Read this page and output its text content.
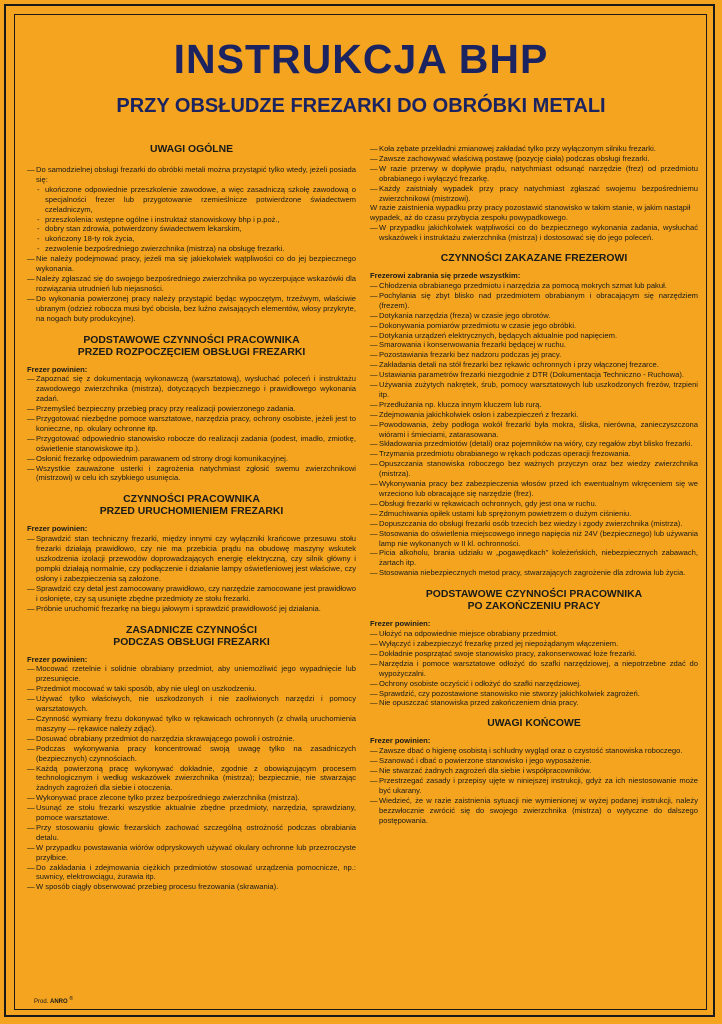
INSTRUKCJA BHP
PRZY OBSŁUDZE FREZARKI DO OBRÓBKI METALI
UWAGI OGÓLNE
— Do samodzielnej obsługi frezarki do obróbki metali można przystąpić tylko wtedy, jeżeli posiada się:
- ukończone odpowiednie przeszkolenie zawodowe, a więc zasadniczą szkołę zawodową o specjalności frezer lub przygotowanie rzemieślnicze potwierdzone świadectwem czeladniczym,
- przeszkolenia: wstępne ogólne i instruktaż stanowiskowy bhp i p.poż.,
- dobry stan zdrowia, potwierdzony świadectwem lekarskim,
- ukończony 18-ty rok życia,
- zezwolenie bezpośredniego zwierzchnika (mistrza) na obsługę frezarki.
— Nie należy podejmować pracy, jeżeli ma się jakiekolwiek wątpliwości co do jej bezpiecznego wykonania.
— Należy zgłaszać się do swojego bezpośredniego zwierzchnika po wyczerpujące wskazówki dla rozwiązania utrudnień lub niejasności.
— Do wykonania powierzonej pracy należy przystąpić będąc wypoczętym, trzeźwym, właściwie ubranym (odzież robocza musi być obcisła, bez luźno zwisających elementów, włosy przykryte, na nogach buty produkcyjne).
PODSTAWOWE CZYNNOŚCI PRACOWNIKA
PRZED ROZPOCZĘCIEM OBSŁUGI FREZARKI

Frezer powinien:

— Zapoznać się z dokumentacją wykonawczą (warsztatową), wysłuchać poleceń i instruktażu zawodowego zwierzchnika (mistrza), dotyczących bezpiecznego i prawidłowego wykonania zadań.
— Przemyśleć bezpieczny przebieg pracy przy realizacji powierzonego zadania.
— Przygotować niezbędne pomoce warsztatowe, narzędzia pracy, ochrony osobiste, jeżeli jest to konieczne, np. okulary ochronne itp.
— Przygotować odpowiednio stanowisko robocze do realizacji zadania (podest, imadło, zmiotkę, oświetlenie stanowiskowe itp.).
— Osłonić frezarkę odpowiednim parawanem od strony drogi komunikacyjnej.
— Wszystkie zauważone usterki i zagrożenia natychmiast zgłosić swemu zwierzchnikowi (mistrzowi) w celu ich szybkiego usunięcia.
CZYNNOŚCI PRACOWNIKA
PRZED URUCHOMIENIEM FREZARKI

Frezer powinien:

— Sprawdzić stan techniczny frezarki, między innymi czy wyłączniki krańcowe przesuwu stołu frezarki działają prawidłowo, czy nie ma przebicia prądu na obudowę maszyny wskutek uszkodzenia izolacji przewodów doprowadzających energię elektryczną, czy silnik główny i pompki działają normalnie, czy podłączenie i działanie lampy oświetleniowej jest właściwe, czy osłony i zabezpieczenia są założone.
— Sprawdzić czy detal jest zamocowany prawidłowo, czy narzędzie zamocowane jest prawidłowo i osłonięte, czy są usunięte zbędne przedmioty ze stołu frezarki.
— Próbnie uruchomić frezarkę na biegu jałowym i sprawdzić prawidłowość jej działania.
ZASADNICZE CZYNNOŚCI
PODCZAS OBSŁUGI FREZARKI

Frezer powinien:

— Mocować rzetelnie i solidnie obrabiany przedmiot, aby uniemożliwić jego wypadnięcie lub przesunięcie.
— Przedmiot mocować w taki sposób, aby nie ulegl on uszkodzeniu.
— Używać tylko właściwych, nie uszkodzonych i nie zaoliwionych narzędzi i pomocy warsztatowych.
— Czynność wymiany frezu dokonywać tylko w rękawicach ochronnych (z chwilą uruchomienia maszyny — rękawice należy zdjąć).
— Dosuwać obrabiany przedmiot do narzędzia skrawającego powoli i ostrożnie.
— Podczas wykonywania pracy koncentrować swoją uwagę tylko na zasadniczych (bezpiecznych) czynnościach.
— Każdą powierzoną pracę wykonywać dokładnie, zgodnie z obowiązującym procesem technologicznym i według wskazówek zwierzchnika (mistrza); bezpiecznie, nie stwarzając żadnych zagrożeń dla siebie i otoczenia.
— Wykonywać prace zlecone tylko przez bezpośredniego zwierzchnika (mistrza).
— Usunąć ze stołu frezarki wszystkie aktualnie zbędne przedmioty, narzędzia, sprawdziany, pomoce warsztatowe.
— Przy stosowaniu głowic frezarskich zachować szczególną ostrożność podczas obrabiania detalu.
— W przypadku powstawania wiórów odpryskowych używać okulary ochronne lub przezroczyste przyłbice.
— Do zakładania i zdejmowania ciężkich przedmiotów stosować urządzenia pomocnicze, np.: suwnicy, elektrowciągu, żurawia itp.
— W sposób ciągły obserwować przebieg procesu frezowania (skrawania).
— Koła zębate przekładni zmianowej zakładać tylko przy wyłączonym silniku frezarki.
— Zawsze zachowywać właściwą postawę (pozycję ciała) podczas obsługi frezarki.
— W razie przerwy w dopływie prądu, natychmiast odsunąć narzędzie (frez) od przedmiotu obrabianego i wyłączyć frezarkę.
— Każdy zaistniały wypadek przy pracy natychmiast zgłaszać swojemu bezpośredniemu zwierzchnikowi (mistrzowi).

W razie zaistnienia wypadku przy pracy pozostawić stanowisko w takim stanie, w jakim nastąpił wypadek, aż do czasu przybycia zespołu powypadkowego.

— W przypadku jakichkolwiek wątpliwości co do bezpiecznego wykonania zadania, wysłuchać wskazówek i instruktażu zwierzchnika (mistrza) i dostosować się do jego poleceń.
CZYNNOŚCI ZAKAZANE FREZEROWI

Frezerowi zabrania się przede wszystkim:

— Chłodzenia obrabianego przedmiotu i narzędzia za pomocą mokrych szmat lub pakuł.
— Pochylania się zbyt blisko nad przedmiotem obrabianym i obracającym się narzędziem (frezem).
— Dotykania narzędzia (freza) w czasie jego obrotów.
— Dokonywania pomiarów przedmiotu w czasie jego obróbki.
— Dotykania urządzeń elektrycznych, będących aktualnie pod napięciem.
— Smarowania i konserwowania frezarki będącej w ruchu.
— Pozostawiania frezarki bez nadzoru podczas jej pracy.
— Zakładania detali na stół frezarki bez rękawic ochronnych i przy włączonej frezarce.
— Ustawiania parametrów frezarki niezgodnie z DTR (Dokumentacja Techniczno - Ruchowa).
— Używania zużytych nakrętek, śrub, pomocy warsztatowych lub uszkodzonych frezów, trzpieni itp.
— Przedłużania np. klucza innym kluczem lub rurą.
— Zdejmowania jakichkolwiek osłon i zabezpieczeń z frezarki.
— Powodowania, żeby podłoga wokół frezarki była mokra, śliska, nierówna, zanieczyszczona wiórami i śmieciami, zatarasowana.
— Składowania przedmiotów (detali) oraz pojemników na wióry, czy regałów zbyt blisko frezarki.
— Trzymania przedmiotu obrabianego w rękach podczas operacji frezowania.
— Opuszczania stanowiska roboczego bez ważnych przyczyn oraz bez wiedzy zwierzchnika (mistrza).
— Wykonywania pracy bez zabezpieczenia włosów przed ich ewentualnym wkręceniem się we wrzeciono lub obracające się narzędzie (frez).
— Obsługi frezarki w rękawicach ochronnych, gdy jest ona w ruchu.
— Zdmuchiwania opiłek ustami lub sprężonym powietrzem o dużym ciśnieniu.
— Dopuszczania do obsługi frezarki osób trzecich bez wiedzy i zgody zwierzchnika (mistrza).
— Stosowania do oświetlenia miejscowego innego napięcia niż 24V (bezpiecznego) lub używania lamp nie wykonanych w II kl. ochronności.
— Picia alkoholu, brania udziału w „pogawędkach” koleżeńskich, niebezpiecznych zabawach, żartach itp.
— Stosowania niebezpiecznych metod pracy, stwarzających zagrożenie dla zdrowia lub życia.
PODSTAWOWE CZYNNOŚCI PRACOWNIKA
PO ZAKOŃCZENIU PRACY

Frezer powinien:

— Ułożyć na odpowiednie miejsce obrabiany przedmiot.
— Wyłączyć i zabezpieczyć frezarkę przed jej niepożądanym włączeniem.
— Dokładnie posprzątać swoje stanowisko pracy, zakonserwować łoże frezarki.
— Narzędzia i pomoce warsztatowe odłożyć do szafki narzędziowej, a niepotrzebne zdać do wypożyczalni.
— Ochrony osobiste oczyścić i odłożyć do szafki narzędziowej.
— Sprawdzić, czy pozostawione stanowisko nie stworzy jakichkolwiek zagrożeń.
— Nie opuszczać stanowiska przed zakończeniem dnia pracy.
UWAGI KOŃCOWE

Frezer powinien:

— Zawsze dbać o higienę osobistą i schludny wygląd oraz o czystość stanowiska roboczego.
— Szanować i dbać o powierzone stanowisko i jego wyposażenie.
— Nie stwarzać żadnych zagrożeń dla siebie i współpracowników.
— Przestrzegać zasady i przepisy ujęte w niniejszej instrukcji, gdyż za ich niestosowanie może być ukarany.
— Wiedzieć, że w razie zaistnienia sytuacji nie wymienionej w wyżej podanej instrukcji, należy bezzwłocznie zwrócić się do swojego zwierzchnika (mistrza) o wytyczne do dalszego postępowania.
Prod. ANRO ®
